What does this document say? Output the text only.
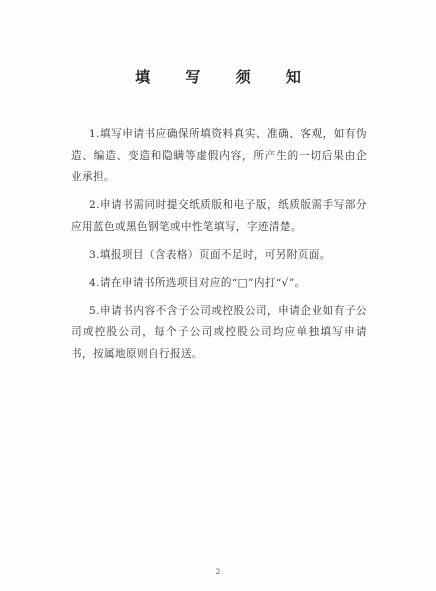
填 写 须 知

1.填写申请书应确保所填资料真实、准确、客观，如有伪造、编造、变造和隐瞒等虚假内容，所产生的一切后果由企业承担。

2.申请书需同时提交纸质版和电子版，纸质版需手写部分应用蓝色或黑色钢笔或中性笔填写，字迹清楚。

3.填报项目（含表格）页面不足时，可另附页面。

4.请在申请书所选项目对应的“□”内打“√”。

5.申请书内容不含子公司或控股公司，申请企业如有子公司或控股公司，每个子公司或控股公司均应单独填写申请书，按属地原则自行报送。

2
